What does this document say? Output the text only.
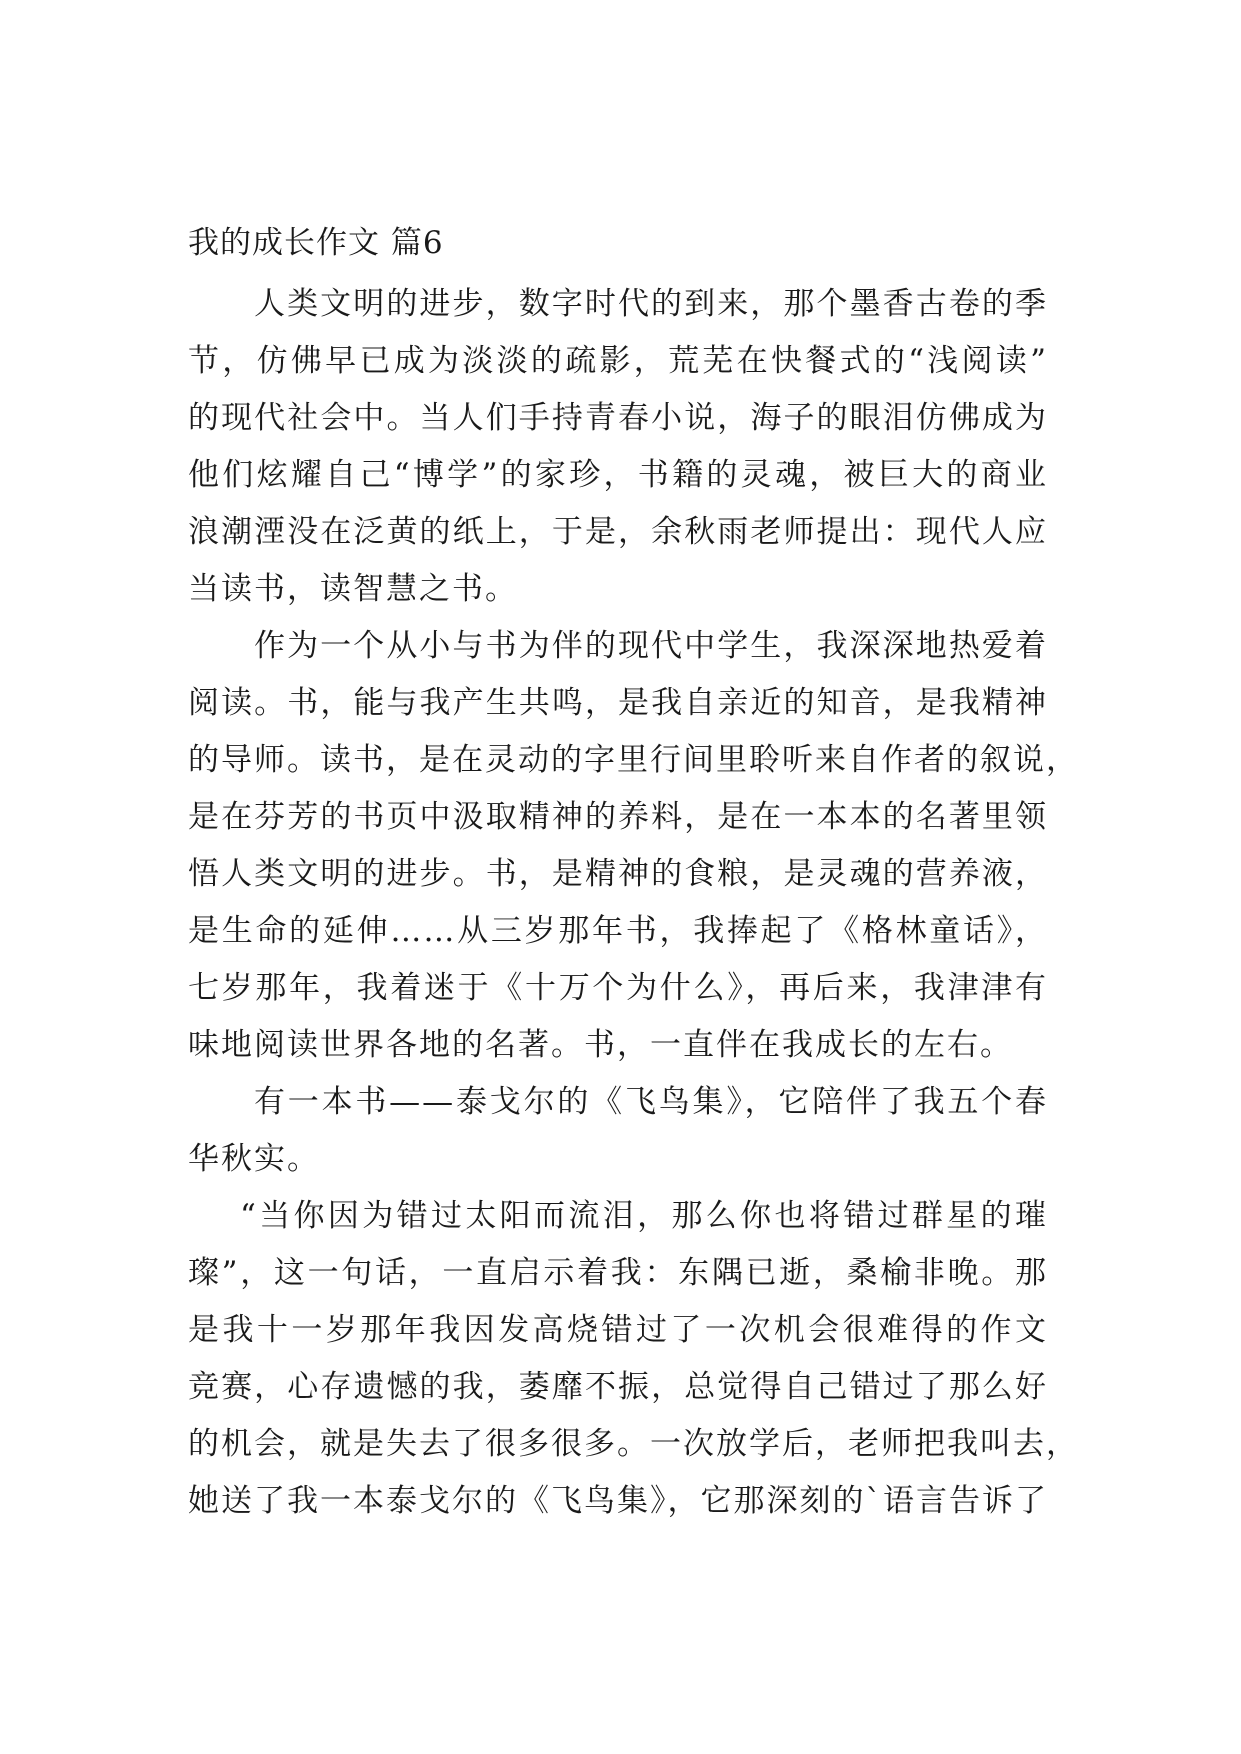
我的成长作文 篇6
人类文明的进步，数字时代的到来，那个墨香古卷的季
节，仿佛早已成为淡淡的疏影，荒芜在快餐式的“浅阅读”
的现代社会中。当人们手持青春小说，海子的眼泪仿佛成为
他们炫耀自己“博学”的家珍，书籍的灵魂，被巨大的商业
浪潮湮没在泛黄的纸上，于是，余秋雨老师提出：现代人应
当读书，读智慧之书。
作为一个从小与书为伴的现代中学生，我深深地热爱着
阅读。书，能与我产生共鸣，是我自亲近的知音，是我精神
的导师。读书，是在灵动的字里行间里聆听来自作者的叙说，
是在芬芳的书页中汲取精神的养料，是在一本本的名著里领
悟人类文明的进步。书，是精神的食粮，是灵魂的营养液，
是生命的延伸……从三岁那年书，我捧起了《格林童话》，
七岁那年，我着迷于《十万个为什么》，再后来，我津津有
味地阅读世界各地的名著。书，一直伴在我成长的左右。
有一本书——泰戈尔的《飞鸟集》，它陪伴了我五个春
华秋实。
“当你因为错过太阳而流泪，那么你也将错过群星的璀
璨”，这一句话，一直启示着我：东隅已逝，桑榆非晚。那
是我十一岁那年我因发高烧错过了一次机会很难得的作文
竞赛，心存遗憾的我，萎靡不振，总觉得自己错过了那么好
的机会，就是失去了很多很多。一次放学后，老师把我叫去，
她送了我一本泰戈尔的《飞鸟集》，它那深刻的`语言告诉了
